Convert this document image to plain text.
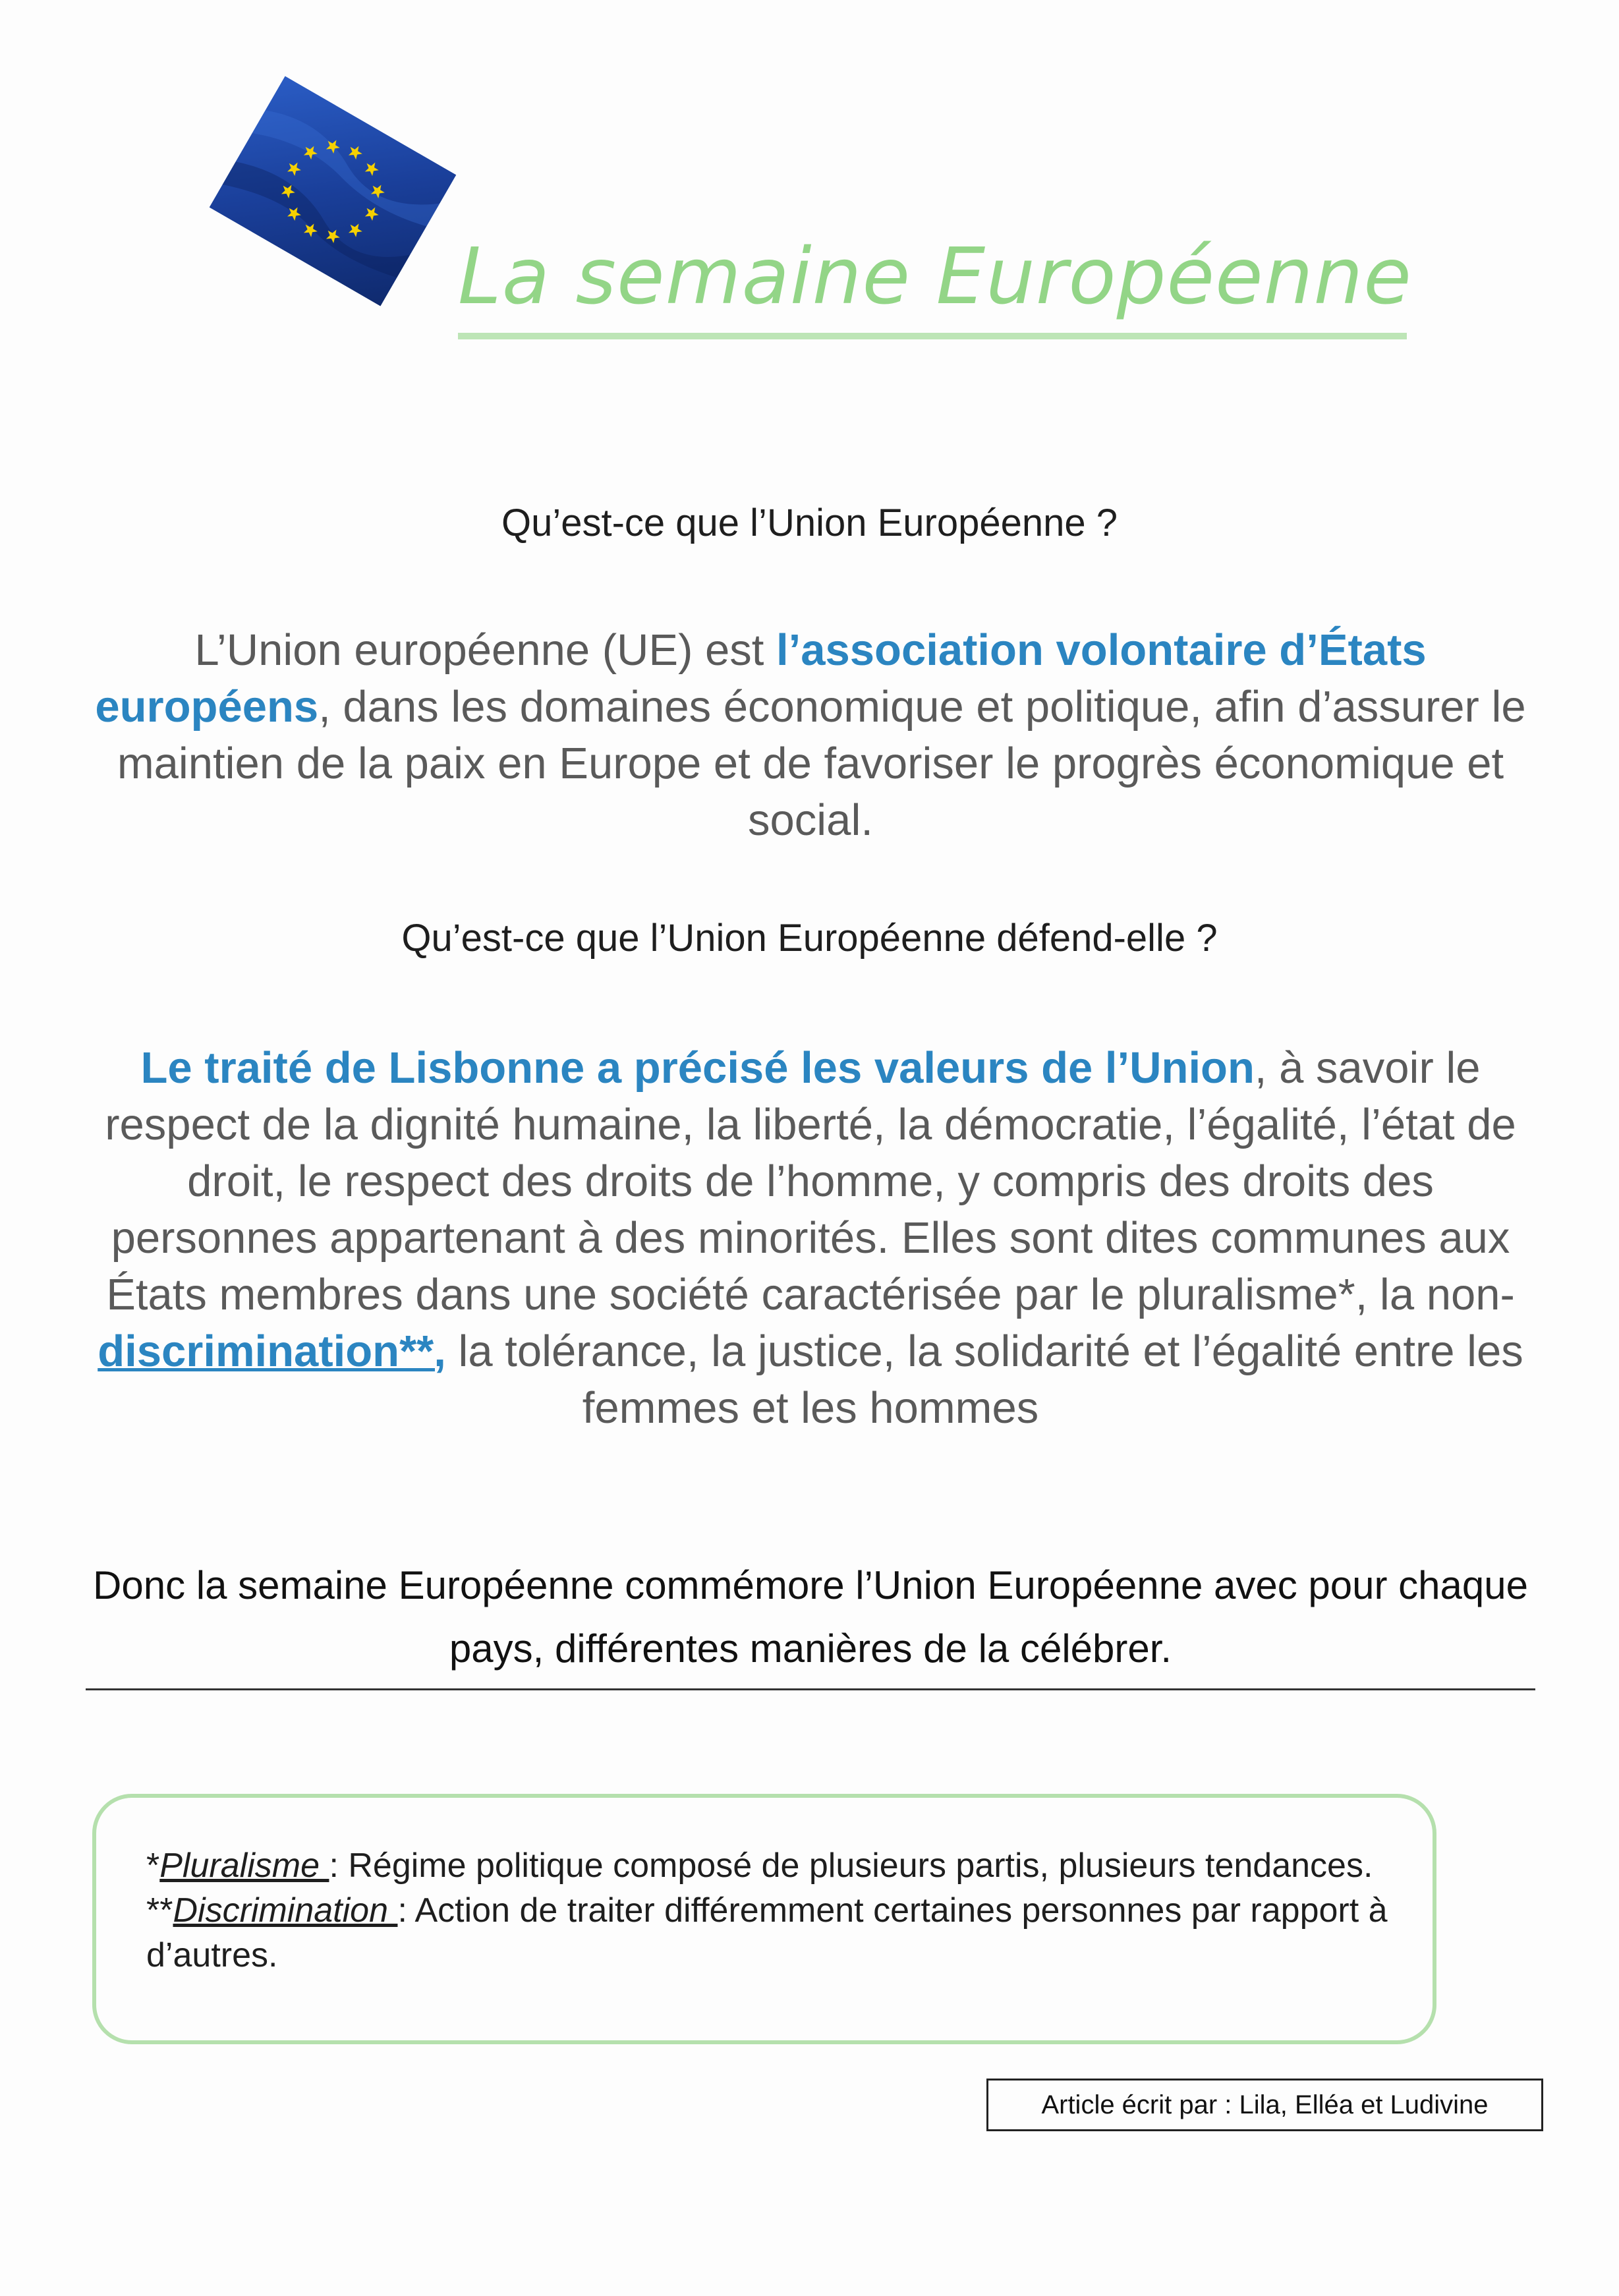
La semaine Européenne
Qu’est-ce que l’Union Européenne ?
L’Union européenne (UE) est l’association volontaire d’États européens, dans les domaines économique et politique, afin d’assurer le maintien de la paix en Europe et de favoriser le progrès économique et social.
Qu’est-ce que l’Union Européenne défend-elle ?
Le traité de Lisbonne a précisé les valeurs de l’Union, à savoir le respect de la dignité humaine, la liberté, la démocratie, l’égalité, l’état de droit, le respect des droits de l’homme, y compris des droits des personnes appartenant à des minorités. Elles sont dites communes aux États membres dans une société caractérisée par le pluralisme*, la non-discrimination**, la tolérance, la justice, la solidarité et l’égalité entre les femmes et les hommes
Donc la semaine Européenne commémore l’Union Européenne avec pour chaque pays, différentes manières de la célébrer.
*Pluralisme : Régime politique composé de plusieurs partis, plusieurs tendances.
**Discrimination : Action de traiter différemment certaines personnes par rapport à d’autres.
Article écrit par : Lila, Elléa et Ludivine
